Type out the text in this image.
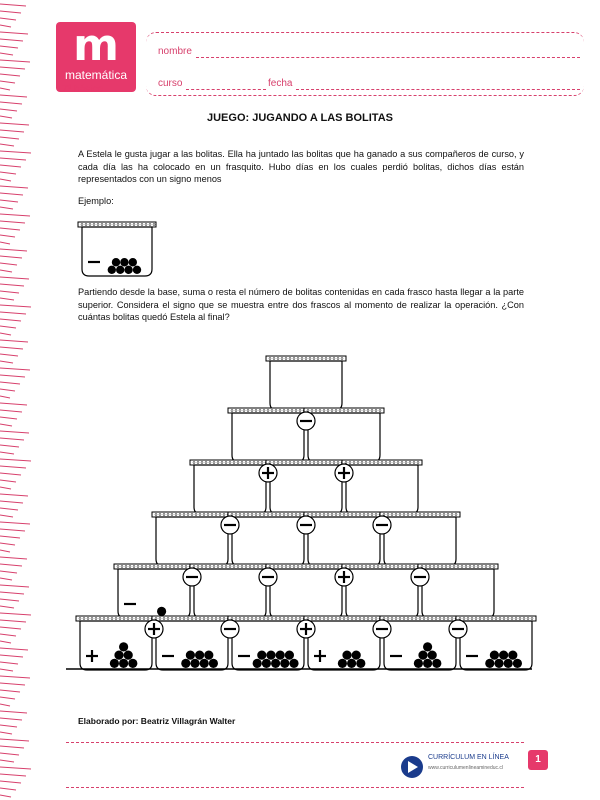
m
matemática
7º básico
nombre
curso	fecha
JUEGO: JUGANDO A LAS BOLITAS
A Estela le gusta jugar a las bolitas. Ella ha juntado las bolitas que ha ganado a sus compañeros de curso, y cada día las ha colocado en un frasquito. Hubo días en los cuales perdió bolitas, dichos días están representados con un signo menos
Ejemplo:
Partiendo desde la base, suma o resta el número de bolitas contenidas en cada frasco hasta llegar a la parte superior. Considera el signo que se muestra entre dos frascos al momento de realizar la operación. ¿Con cuántas bolitas quedó Estela al final?
Elaborado por: Beatriz Villagrán Walter
CURRÍCULUM EN LÍNEA
www.curriculumenlineamineduc.cl
1
